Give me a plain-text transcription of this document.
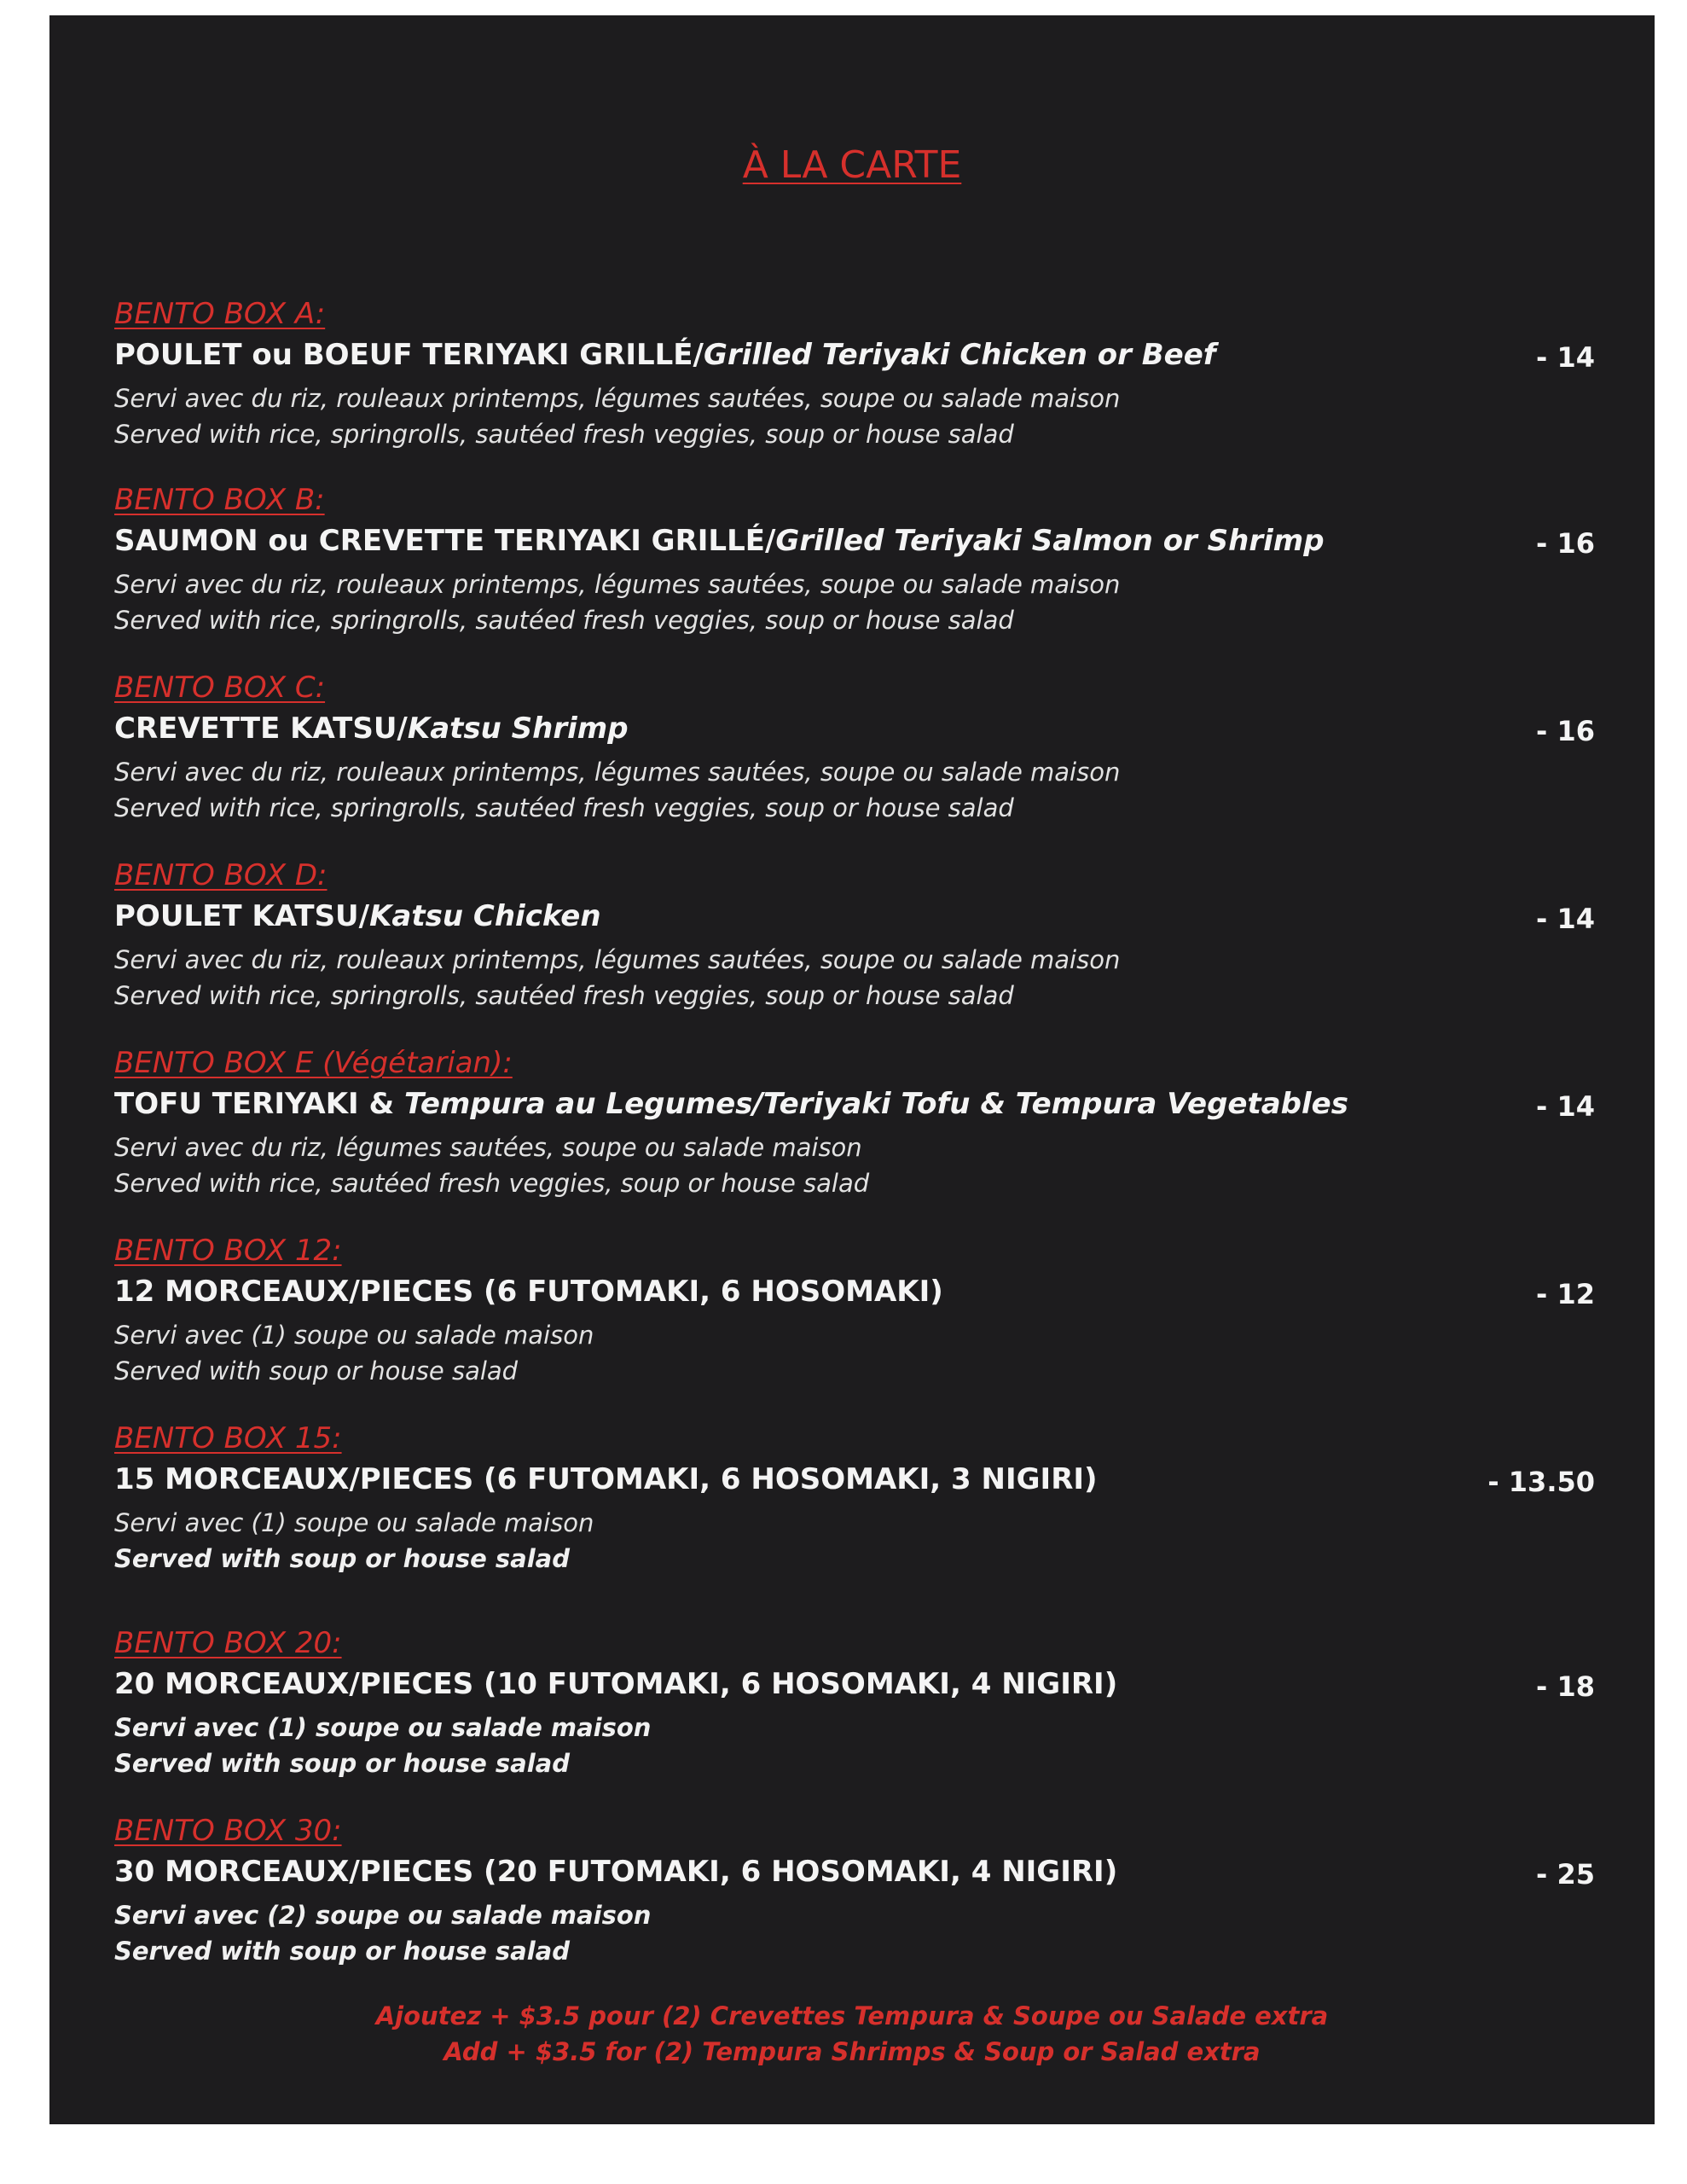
À LA CARTE
BENTO BOX A:
POULET ou BOEUF TERIYAKI GRILLÉ/Grilled Teriyaki Chicken or Beef	- 14
Servi avec du riz, rouleaux printemps, légumes sautées, soupe ou salade maison
Served with rice, springrolls, sautéed fresh veggies, soup or house salad
BENTO BOX B:
SAUMON ou CREVETTE TERIYAKI GRILLÉ/Grilled Teriyaki Salmon or Shrimp	- 16
Servi avec du riz, rouleaux printemps, légumes sautées, soupe ou salade maison
Served with rice, springrolls, sautéed fresh veggies, soup or house salad
BENTO BOX C:
CREVETTE KATSU/Katsu Shrimp	- 16
Servi avec du riz, rouleaux printemps, légumes sautées, soupe ou salade maison
Served with rice, springrolls, sautéed fresh veggies, soup or house salad
BENTO BOX D:
POULET KATSU/Katsu Chicken	- 14
Servi avec du riz, rouleaux printemps, légumes sautées, soupe ou salade maison
Served with rice, springrolls, sautéed fresh veggies, soup or house salad
BENTO BOX E (Végétarian):
TOFU TERIYAKI & Tempura au Legumes/Teriyaki Tofu & Tempura Vegetables	- 14
Servi avec du riz, légumes sautées, soupe ou salade maison
Served with rice, sautéed fresh veggies, soup or house salad
BENTO BOX 12:
12 MORCEAUX/PIECES (6 FUTOMAKI, 6 HOSOMAKI)	- 12
Servi avec (1) soupe ou salade maison
Served with soup or house salad
BENTO BOX 15:
15 MORCEAUX/PIECES (6 FUTOMAKI, 6 HOSOMAKI, 3 NIGIRI)	- 13.50
Servi avec (1) soupe ou salade maison
Served with soup or house salad
BENTO BOX 20:
20 MORCEAUX/PIECES (10 FUTOMAKI, 6 HOSOMAKI, 4 NIGIRI)	- 18
Servi avec (1) soupe ou salade maison
Served with soup or house salad
BENTO BOX 30:
30 MORCEAUX/PIECES (20 FUTOMAKI, 6 HOSOMAKI, 4 NIGIRI)	- 25
Servi avec (2) soupe ou salade maison
Served with soup or house salad
Ajoutez + $3.5 pour (2) Crevettes Tempura & Soupe ou Salade extra
Add + $3.5 for (2) Tempura Shrimps & Soup or Salad extra
